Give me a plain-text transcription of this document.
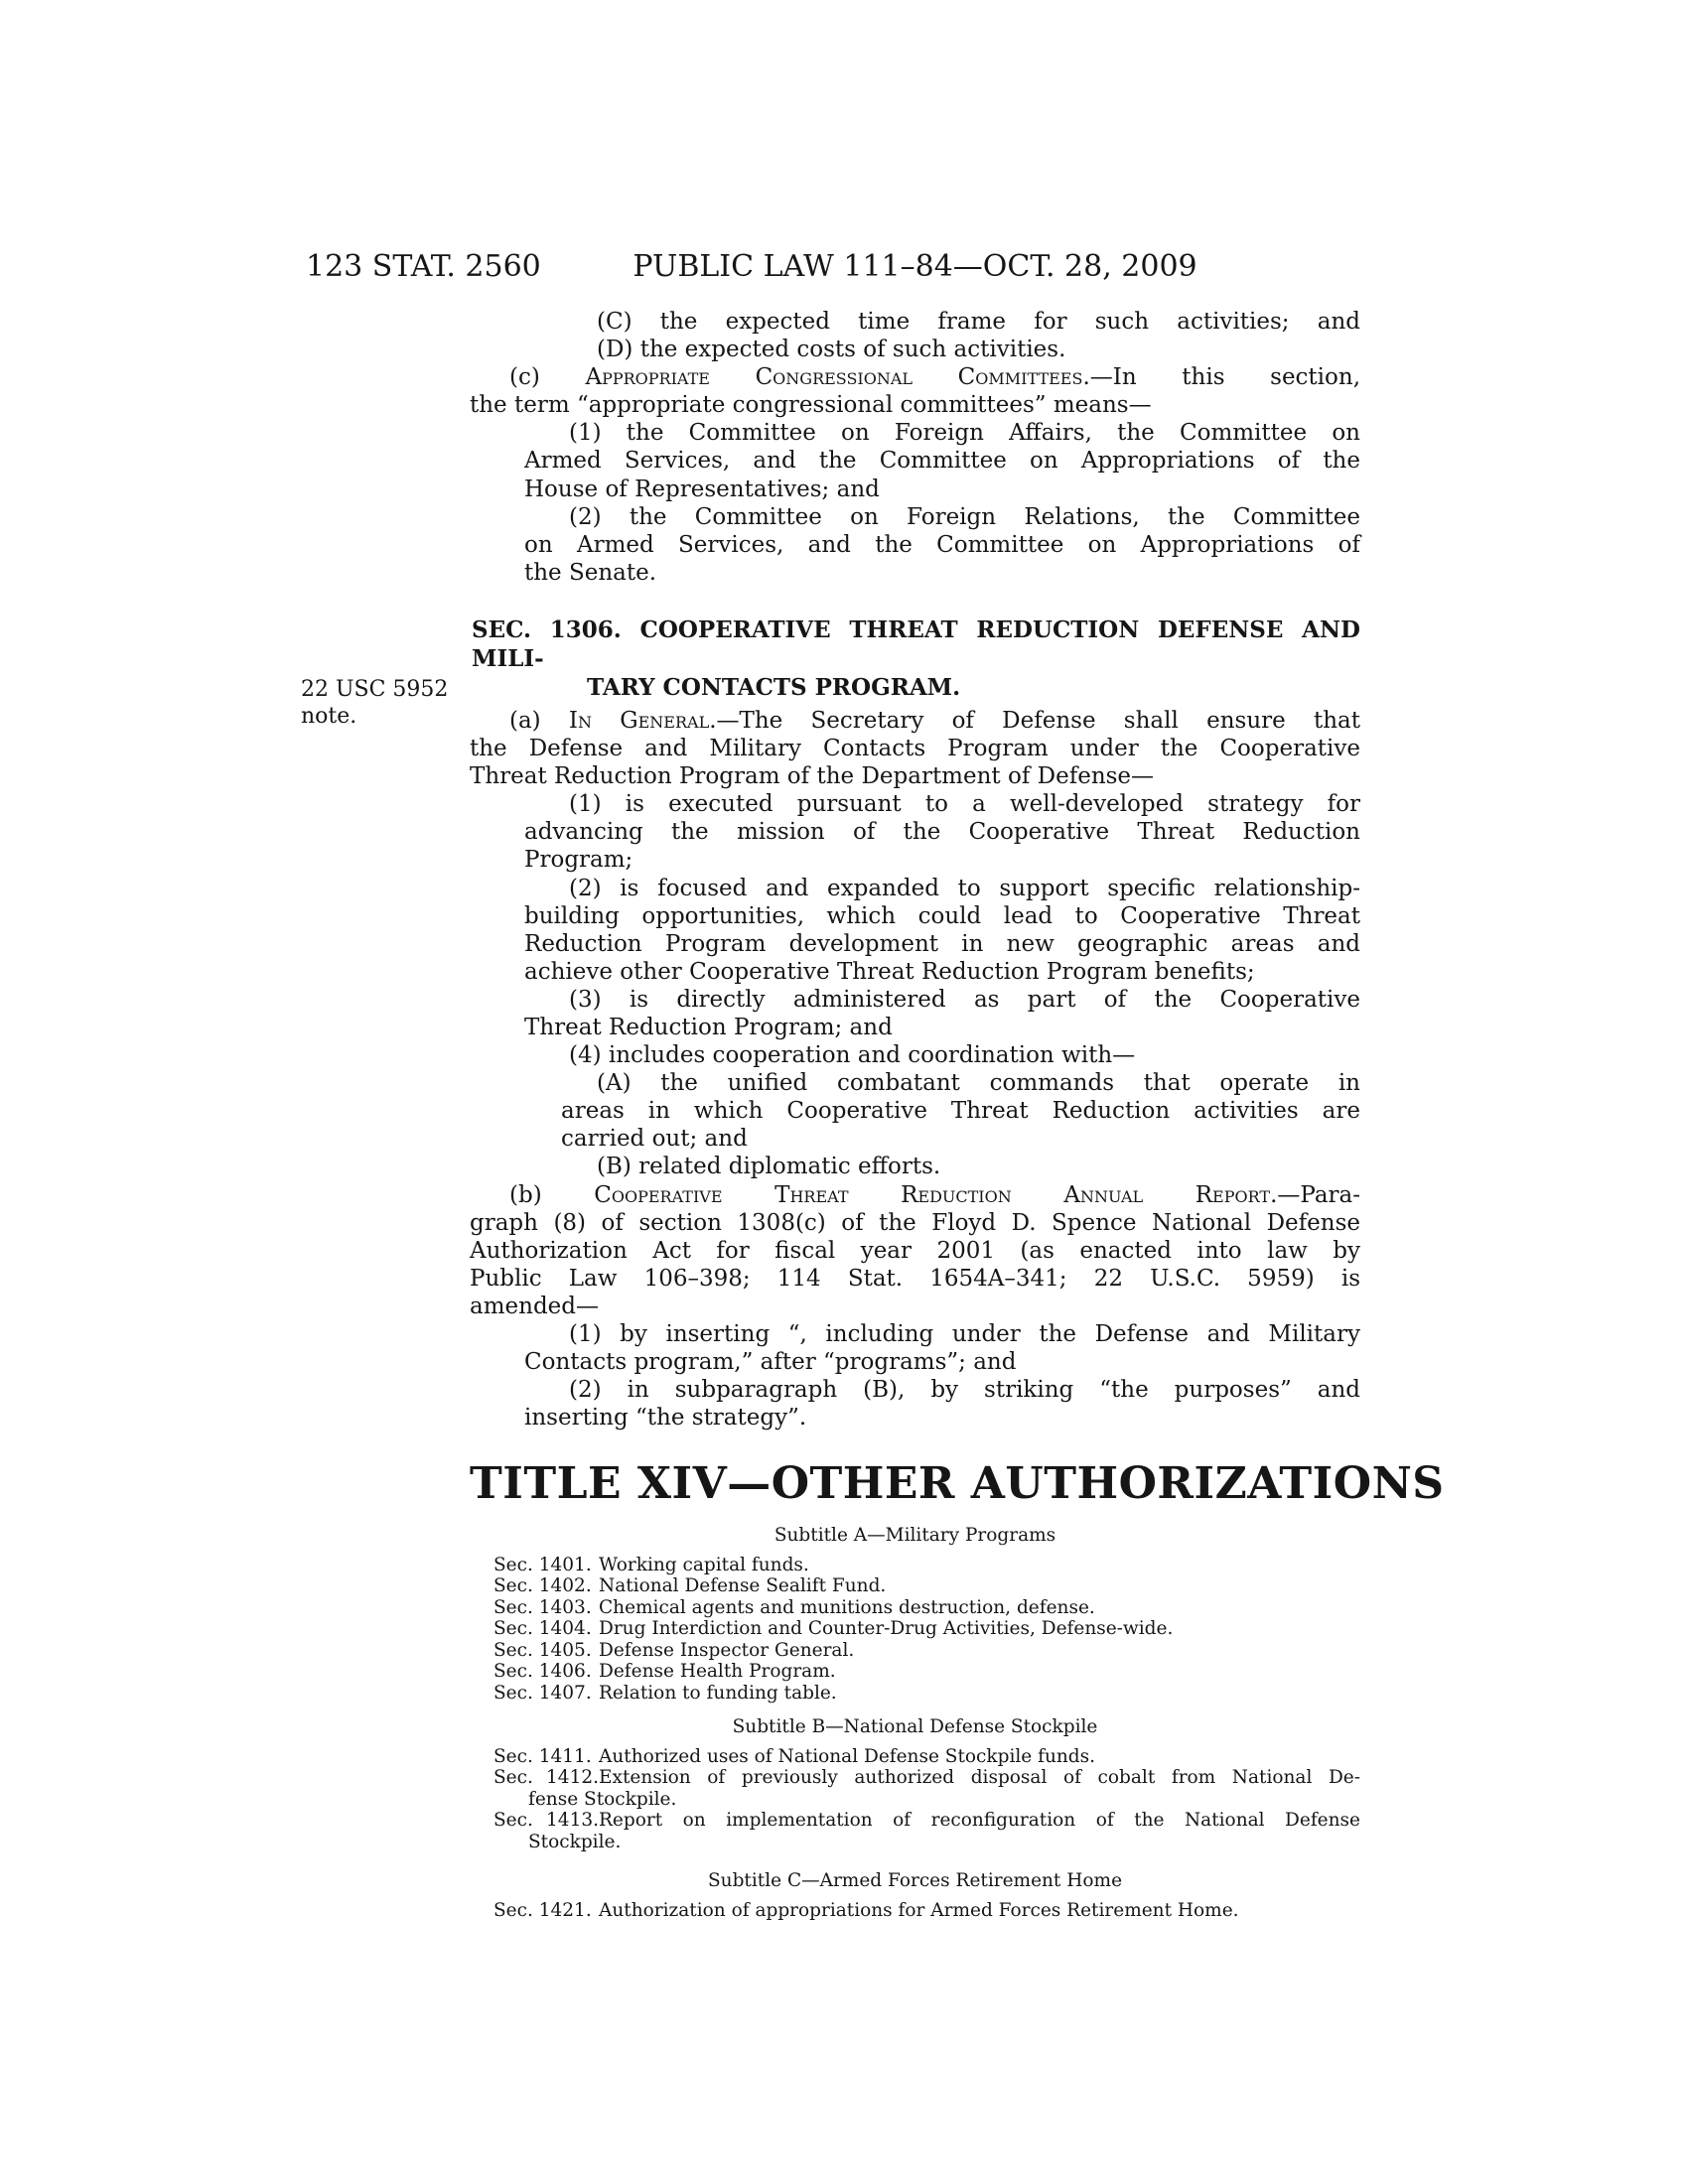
123 STAT. 2560	PUBLIC LAW 111–84—OCT. 28, 2009
22 USC 5952
note.
(C) the expected time frame for such activities; and
(D) the expected costs of such activities.
(c) Appropriate Congressional Committees.—In this section,
the term “appropriate congressional committees” means—
(1) the Committee on Foreign Affairs, the Committee on
Armed Services, and the Committee on Appropriations of the
House of Representatives; and
(2) the Committee on Foreign Relations, the Committee
on Armed Services, and the Committee on Appropriations of
the Senate.
SEC. 1306. COOPERATIVE THREAT REDUCTION DEFENSE AND MILI-
TARY CONTACTS PROGRAM.
(a) In General.—The Secretary of Defense shall ensure that
the Defense and Military Contacts Program under the Cooperative
Threat Reduction Program of the Department of Defense—
(1) is executed pursuant to a well-developed strategy for
advancing the mission of the Cooperative Threat Reduction
Program;
(2) is focused and expanded to support specific relationship-
building opportunities, which could lead to Cooperative Threat
Reduction Program development in new geographic areas and
achieve other Cooperative Threat Reduction Program benefits;
(3) is directly administered as part of the Cooperative
Threat Reduction Program; and
(4) includes cooperation and coordination with—
(A) the unified combatant commands that operate in
areas in which Cooperative Threat Reduction activities are
carried out; and
(B) related diplomatic efforts.
(b) Cooperative Threat Reduction Annual Report.—Para-
graph (8) of section 1308(c) of the Floyd D. Spence National Defense
Authorization Act for fiscal year 2001 (as enacted into law by
Public Law 106–398; 114 Stat. 1654A–341; 22 U.S.C. 5959) is
amended—
(1) by inserting “, including under the Defense and Military
Contacts program,” after “programs”; and
(2) in subparagraph (B), by striking “the purposes” and
inserting “the strategy”.
TITLE XIV—OTHER AUTHORIZATIONS
Subtitle A—Military Programs
Sec. 1401. Working capital funds.
Sec. 1402. National Defense Sealift Fund.
Sec. 1403. Chemical agents and munitions destruction, defense.
Sec. 1404. Drug Interdiction and Counter-Drug Activities, Defense-wide.
Sec. 1405. Defense Inspector General.
Sec. 1406. Defense Health Program.
Sec. 1407. Relation to funding table.
Subtitle B—National Defense Stockpile
Sec. 1411. Authorized uses of National Defense Stockpile funds.
Sec. 1412.Extension of previously authorized disposal of cobalt from National De-
fense Stockpile.
Sec. 1413.Report on implementation of reconfiguration of the National Defense
Stockpile.
Subtitle C—Armed Forces Retirement Home
Sec. 1421. Authorization of appropriations for Armed Forces Retirement Home.
